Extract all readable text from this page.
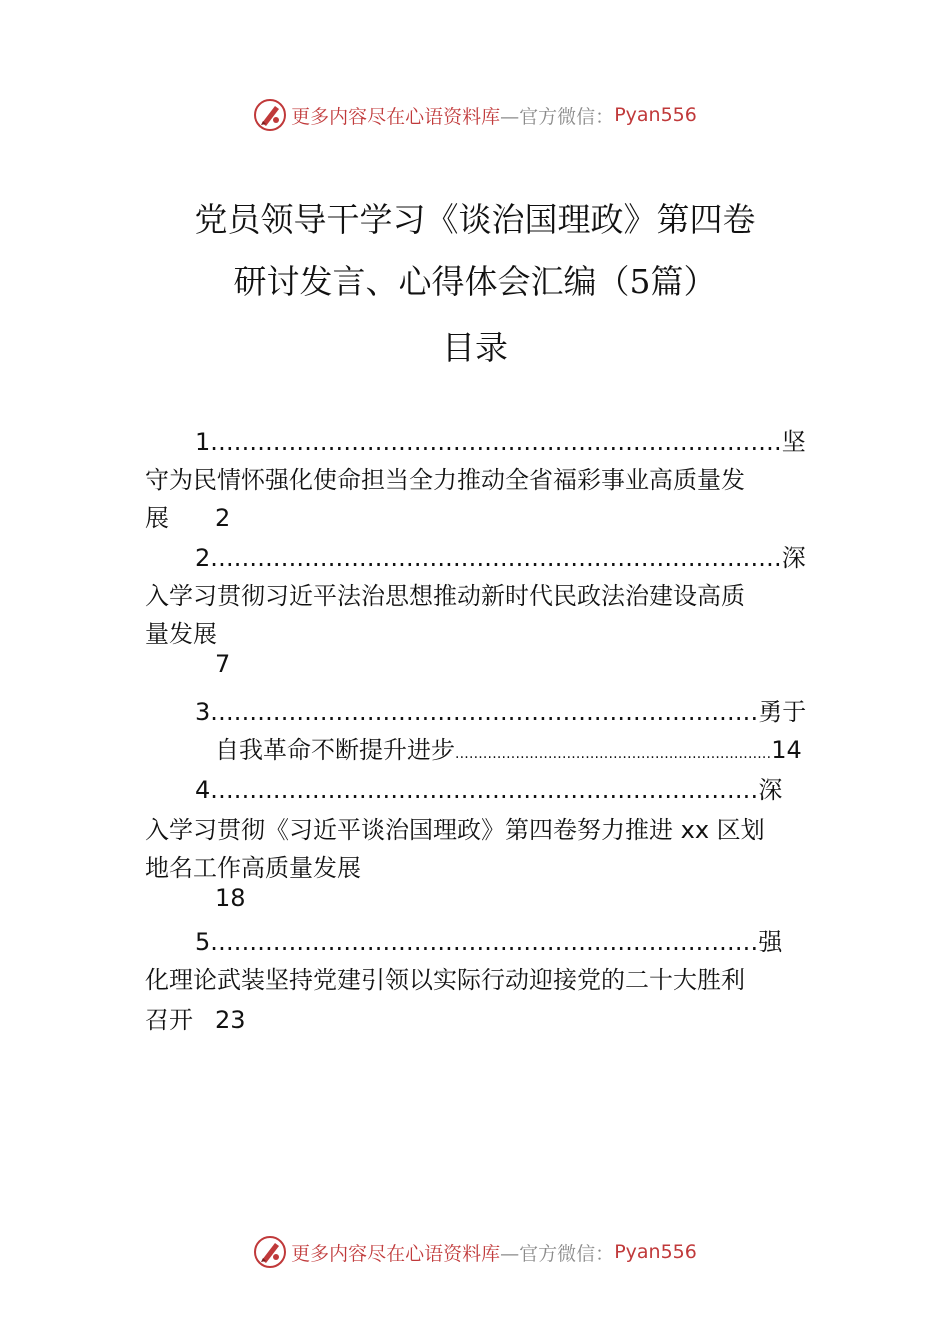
更多内容尽在心语资料库 —官方微信： Pyan556
党员领导干学习《谈治国理政》第四卷
研讨发言、心得体会汇编（5篇）
目录
1.........................................................................坚
守为民情怀强化使命担当全力推动全省福彩事业高质量发
展 2
2.........................................................................深
入学习贯彻习近平法治思想推动新时代民政法治建设高质
量发展
7
3......................................................................勇于
自我革命不断提升进步....................................................................14
4......................................................................深
入学习贯彻《习近平谈治国理政》第四卷努力推进 xx 区划
地名工作高质量发展
18
5......................................................................强
化理论武装坚持党建引领以实际行动迎接党的二十大胜利
召开 23
更多内容尽在心语资料库 —官方微信： Pyan556
